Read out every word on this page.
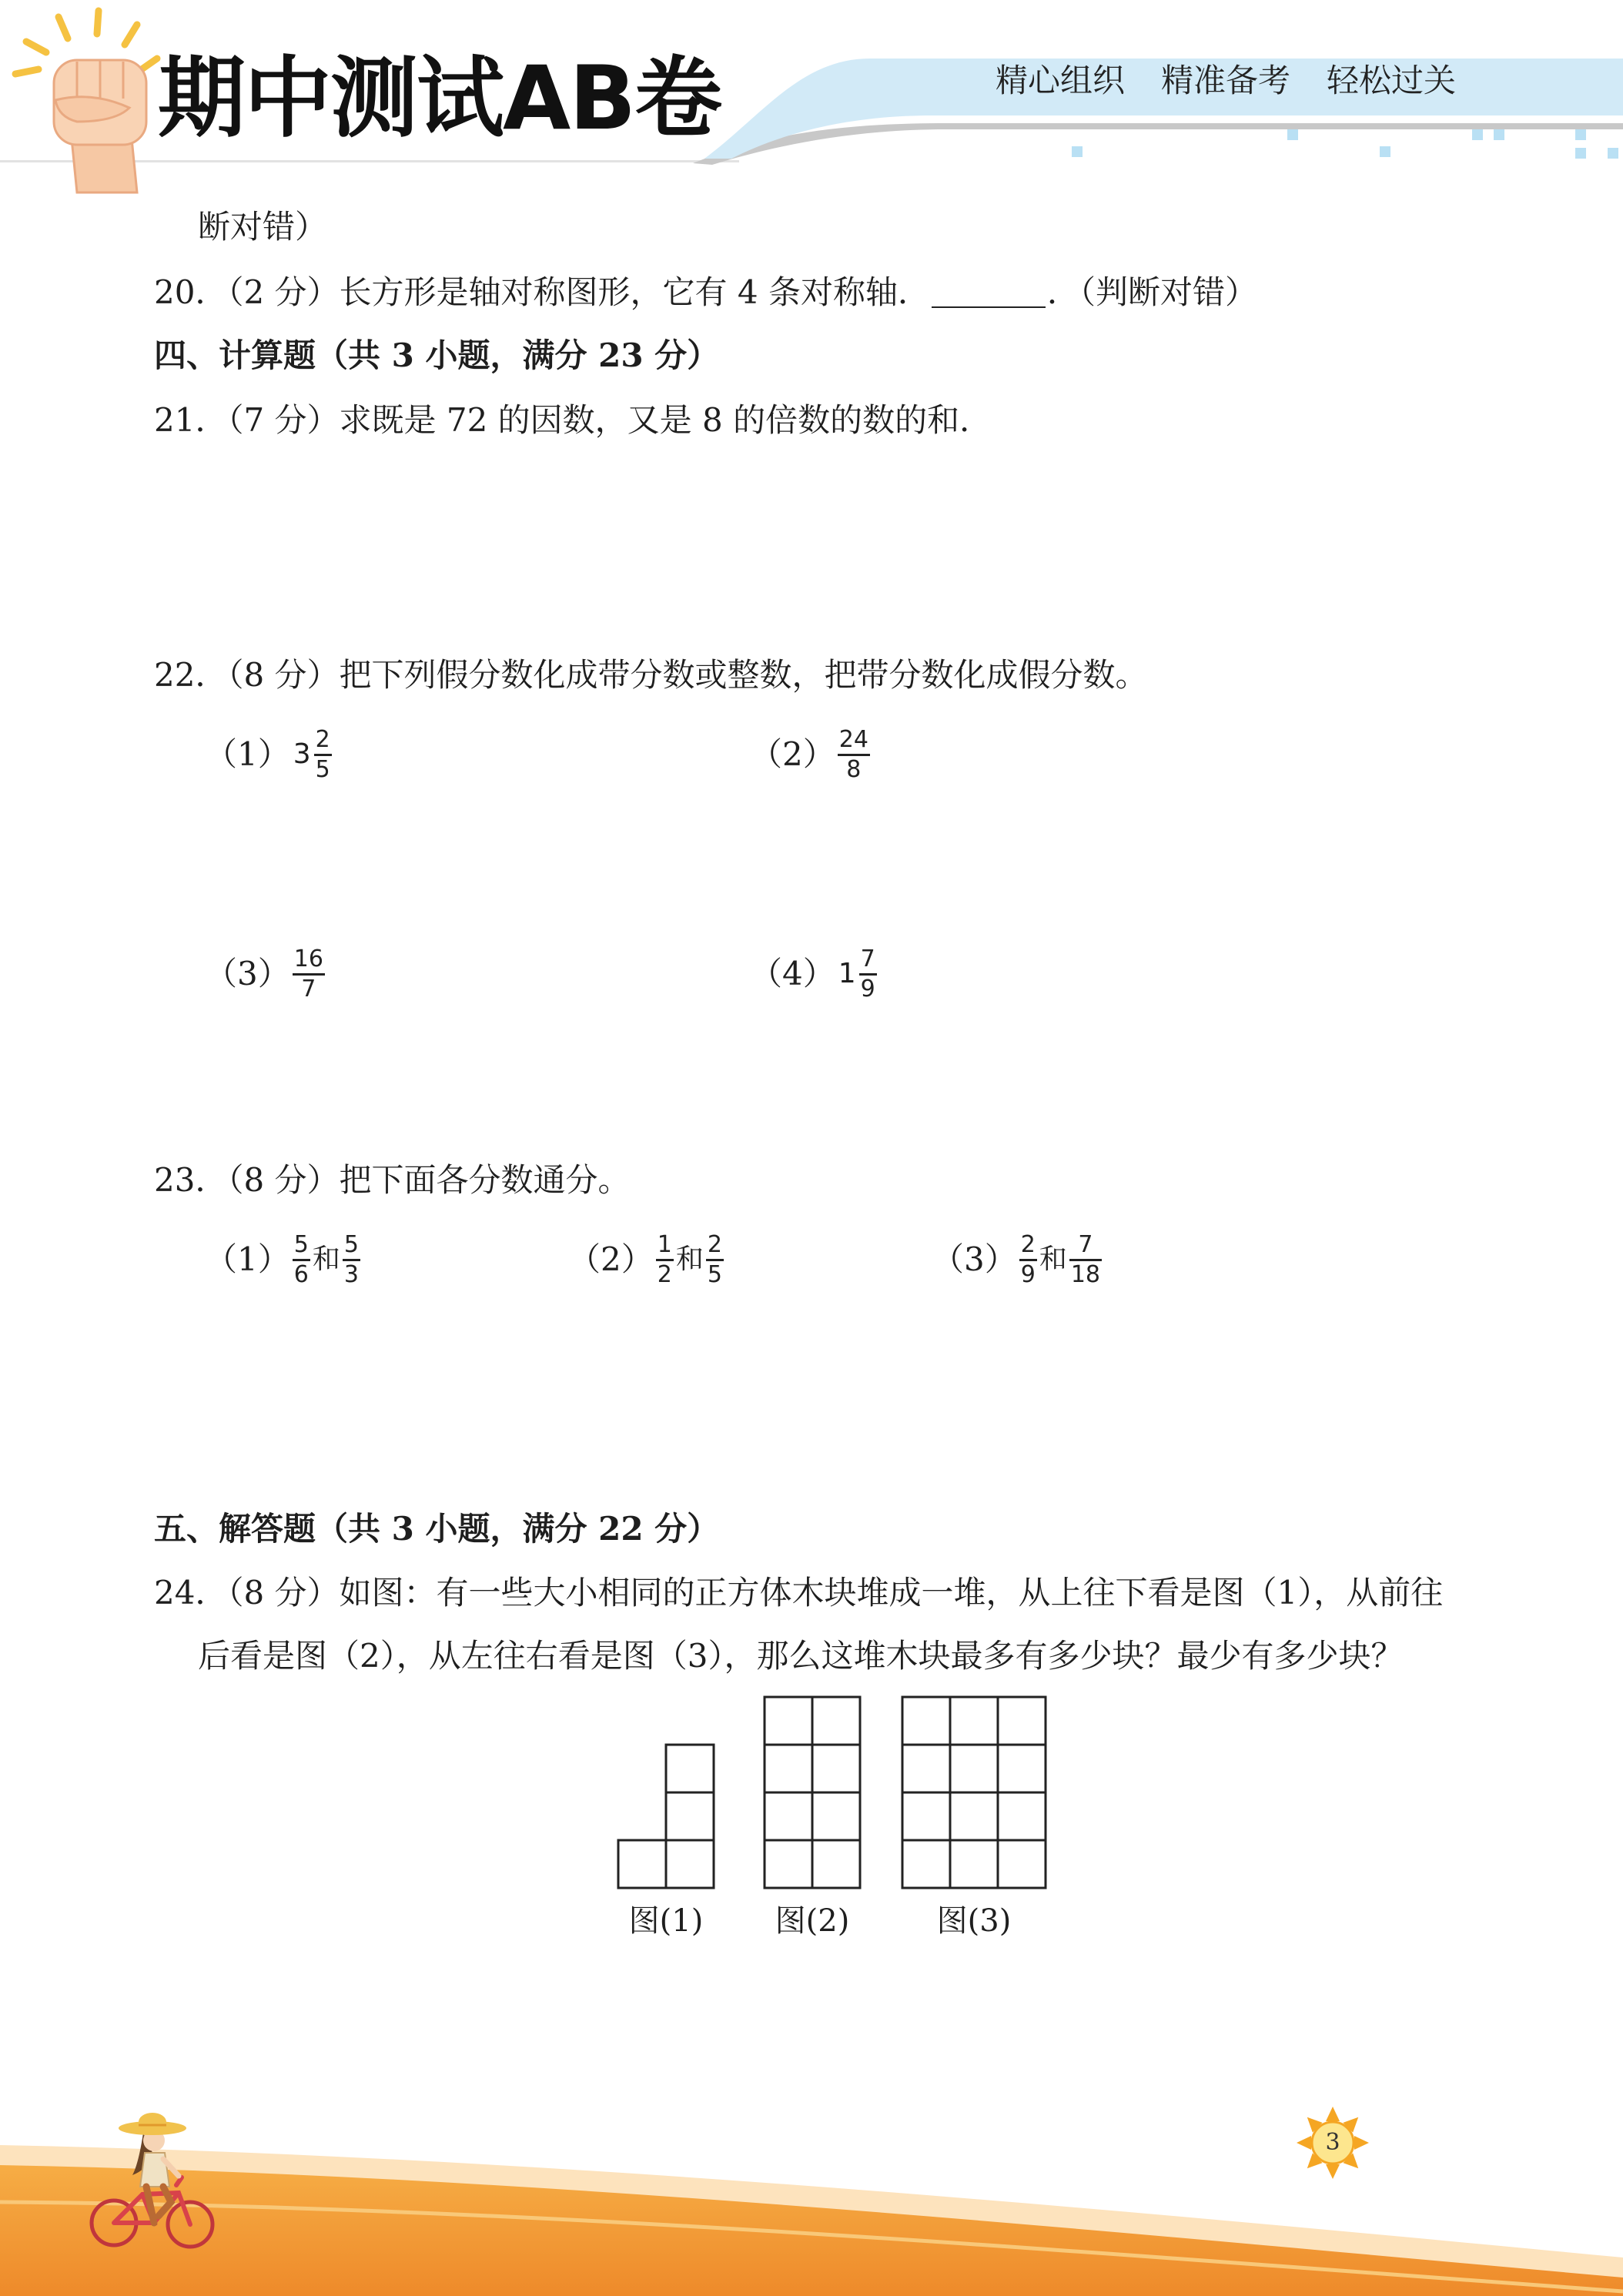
期中测试AB卷	精心组织 精准备考 轻松过关
断对错）
20．（2 分）长方形是轴对称图形，它有 4 条对称轴．	．（判断对错）
四、计算题（共 3 小题，满分 23 分）
21．（7 分）求既是 72 的因数，又是 8 的倍数的数的和．
22．（8 分）把下列假分数化成带分数或整数，把带分数化成假分数。
（1） $3 \frac{2}{5}$	$(2) \frac{24}{8}$
$(3) \frac{16}{7}$	（4） $1 \frac{7}{9}$
23．（8 分）把下面各分数通分。
$(1) \frac{5}{6}$ 和 $\frac{5}{3}$	$(2) \frac{1}{2}$ 和 $\frac{2}{5}$	$(3) \frac{2}{9}$ 和 $\frac{7}{18}$
五、解答题（共 3 小题，满分 22 分）
24．（8 分）如图：有一些大小相同的正方体木块堆成一堆，从上往下看是图（1），从前往
后看是图（2），从左往右看是图（3），那么这堆木块最多有多少块？最少有多少块？
图(1)	图(2)	图(3)
3
